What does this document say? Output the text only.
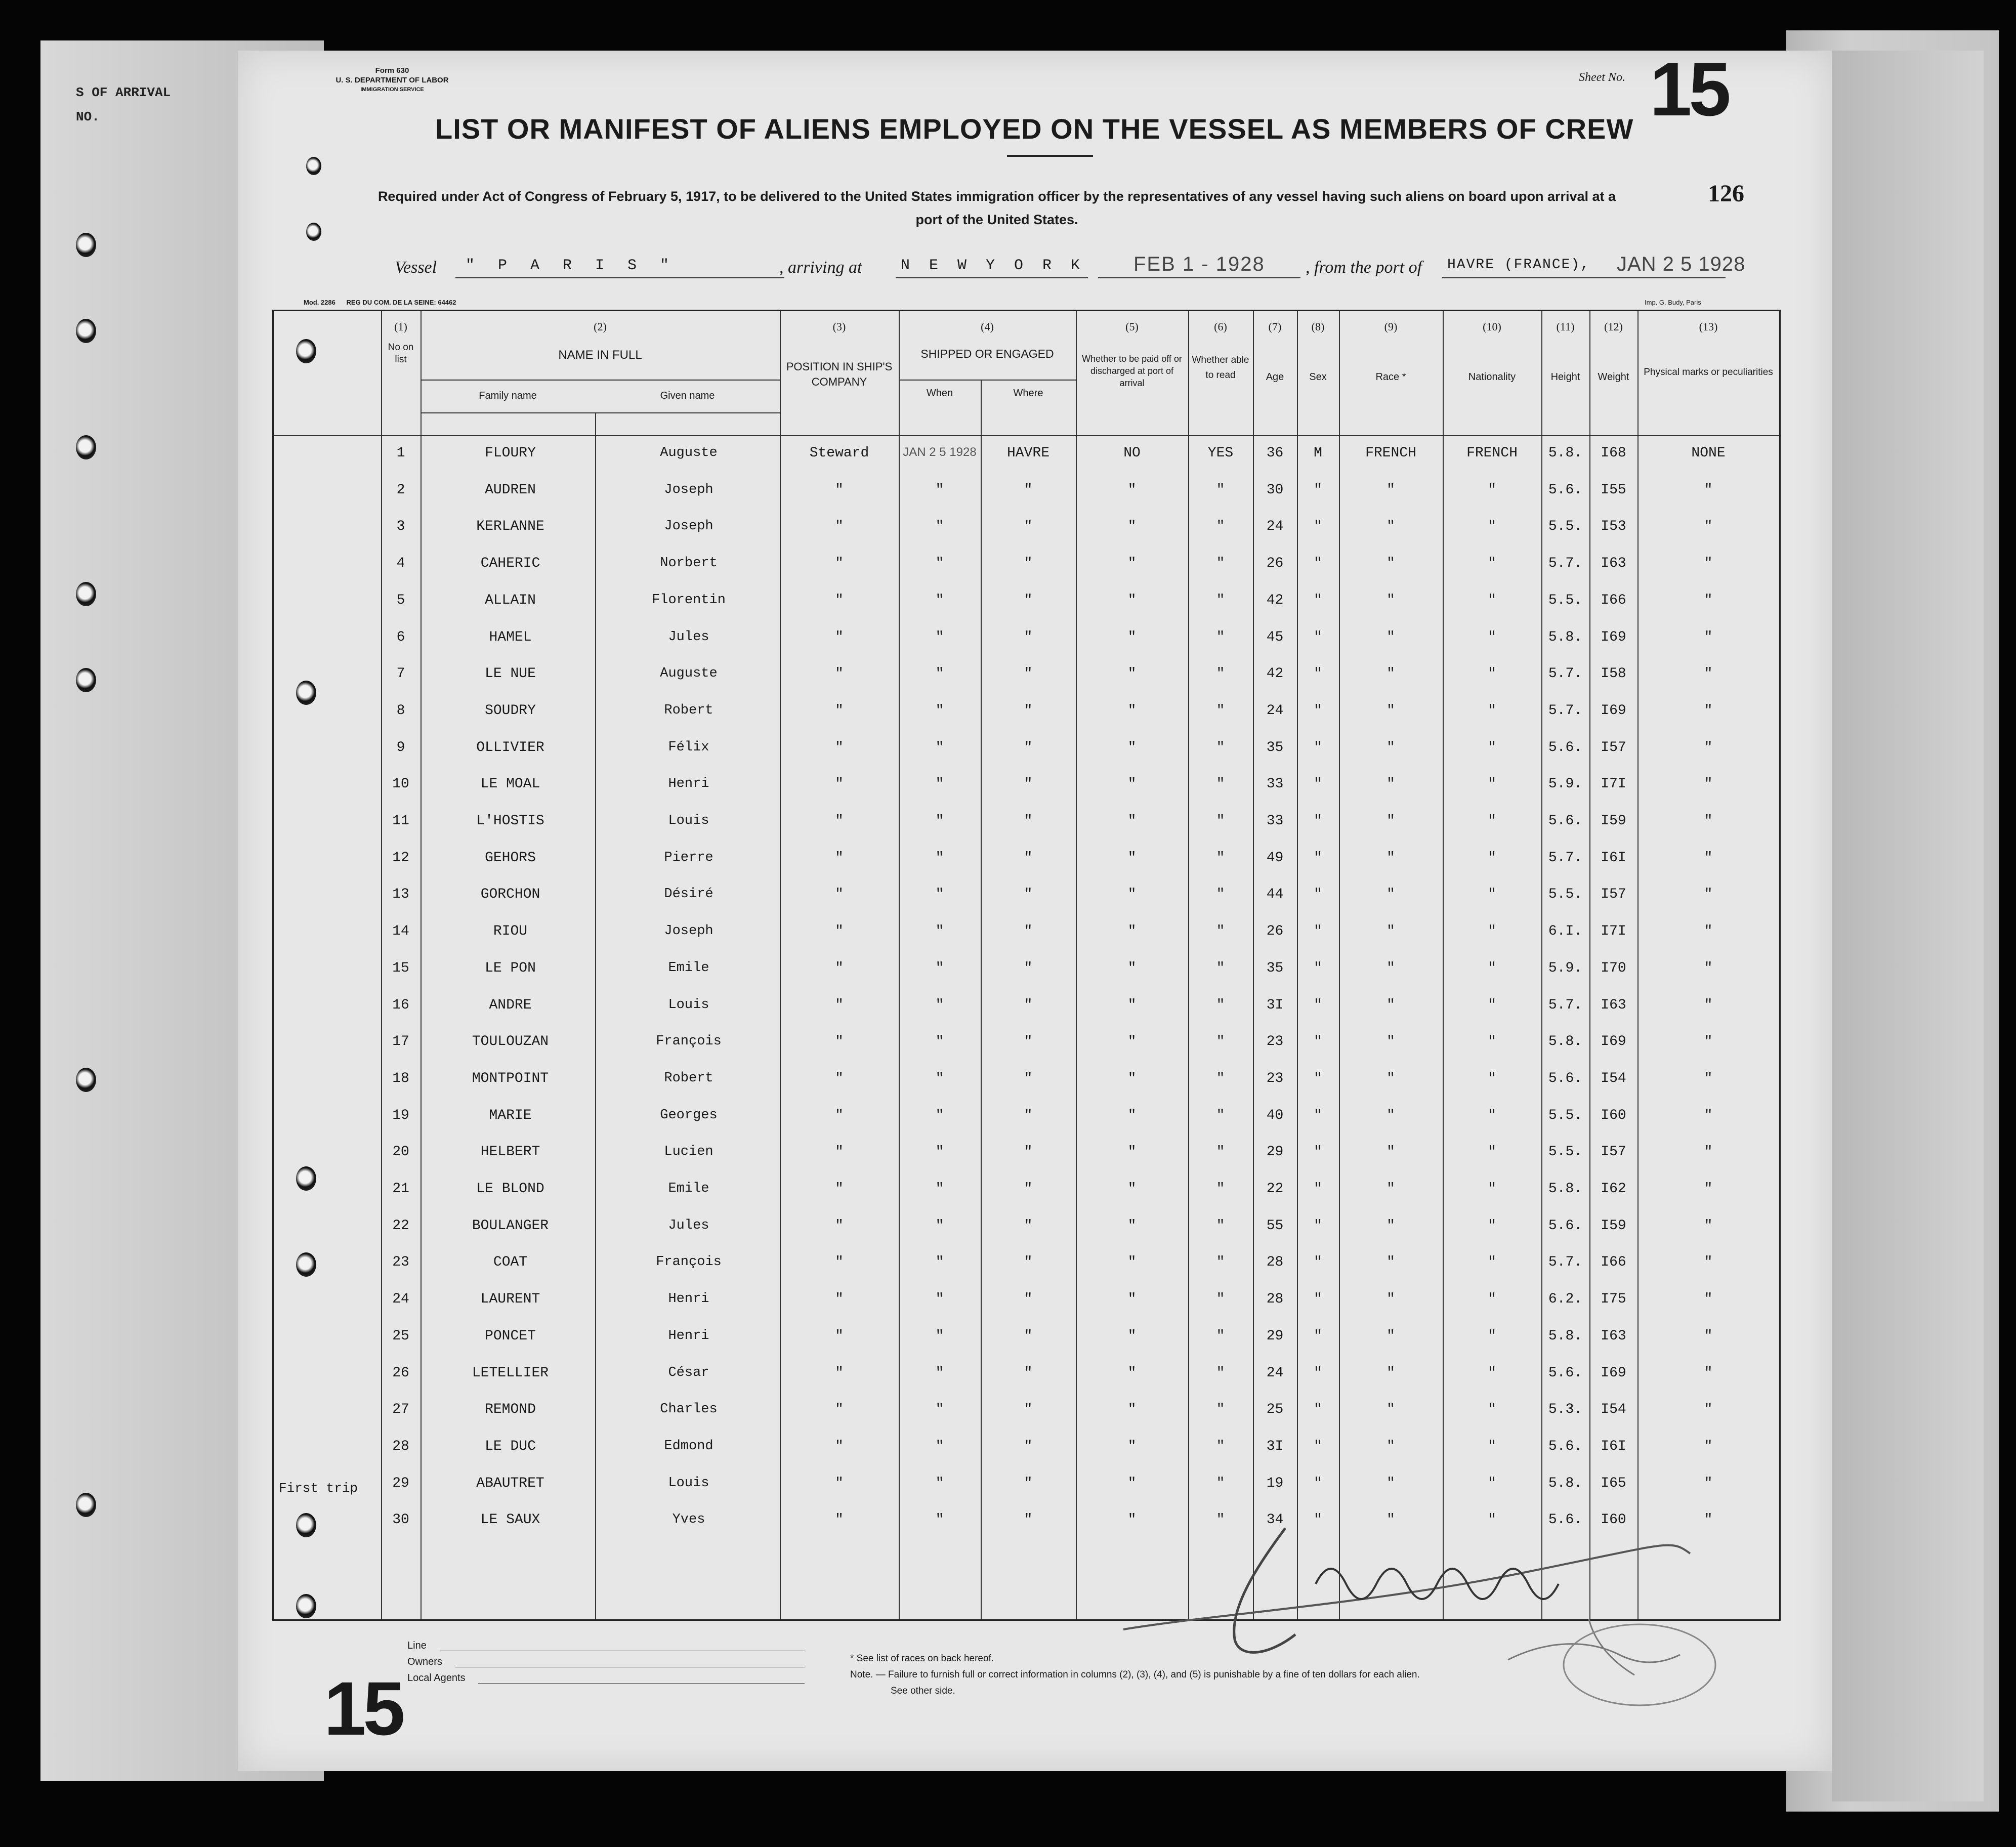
S OF ARRIVAL
NO.
Form 630
U. S. DEPARTMENT OF LABOR
IMMIGRATION SERVICE
Sheet No. 15
LIST OR MANIFEST OF ALIENS EMPLOYED ON THE VESSEL AS MEMBERS OF CREW
Required under Act of Congress of February 5, 1917, to be delivered to the United States immigration officer by the representatives of any vessel having such aliens on board upon arrival at a port of the United States.
126
Vessel " P A R I S "	, arriving at	N E W Y O R K FEB 1 - 1928 , from the port of HAVRE (FRANCE), JAN 2 5 1928
Mod. 2286 REG DU COM. DE LA SEINE: 64462	Imp. G. Budy, Paris
(1)
No on list
(2)
NAME IN FULL
Family name	Given name
(3)
POSITION IN SHIP'S COMPANY
(4)
SHIPPED OR ENGAGED
When	Where
(5)
Whether to be paid off or discharged at port of arrival
(6)
Whether able to read
(7)
Age
(8)
Sex
(9)
Race *
(10)
Nationality
(11)
Height
(12)
Weight
(13)
Physical marks or peculiarities
1	FLOURY	Auguste	Steward	JAN 2 5 1928	HAVRE	NO	YES	36	M	FRENCH	FRENCH	5.8.	I68	NONE
2	AUDREN	Joseph	"	"	"	"	"	30	"	"	"	5.6.	I55	"
3	KERLANNE	Joseph	"	"	"	"	"	24	"	"	"	5.5.	I53	"
4	CAHERIC	Norbert	"	"	"	"	"	26	"	"	"	5.7.	I63	"
5	ALLAIN	Florentin	"	"	"	"	"	42	"	"	"	5.5.	I66	"
6	HAMEL	Jules	"	"	"	"	"	45	"	"	"	5.8.	I69	"
7	LE NUE	Auguste	"	"	"	"	"	42	"	"	"	5.7.	I58	"
8	SOUDRY	Robert	"	"	"	"	"	24	"	"	"	5.7.	I69	"
9	OLLIVIER	Félix	"	"	"	"	"	35	"	"	"	5.6.	I57	"
10	LE MOAL	Henri	"	"	"	"	"	33	"	"	"	5.9.	I7I	"
11	L'HOSTIS	Louis	"	"	"	"	"	33	"	"	"	5.6.	I59	"
12	GEHORS	Pierre	"	"	"	"	"	49	"	"	"	5.7.	I6I	"
13	GORCHON	Désiré	"	"	"	"	"	44	"	"	"	5.5.	I57	"
14	RIOU	Joseph	"	"	"	"	"	26	"	"	"	6.I.	I7I	"
15	LE PON	Emile	"	"	"	"	"	35	"	"	"	5.9.	I70	"
16	ANDRE	Louis	"	"	"	"	"	3I	"	"	"	5.7.	I63	"
17	TOULOUZAN	François	"	"	"	"	"	23	"	"	"	5.8.	I69	"
18	MONTPOINT	Robert	"	"	"	"	"	23	"	"	"	5.6.	I54	"
19	MARIE	Georges	"	"	"	"	"	40	"	"	"	5.5.	I60	"
20	HELBERT	Lucien	"	"	"	"	"	29	"	"	"	5.5.	I57	"
21	LE BLOND	Emile	"	"	"	"	"	22	"	"	"	5.8.	I62	"
22	BOULANGER	Jules	"	"	"	"	"	55	"	"	"	5.6.	I59	"
23	COAT	François	"	"	"	"	"	28	"	"	"	5.7.	I66	"
24	LAURENT	Henri	"	"	"	"	"	28	"	"	"	6.2.	I75	"
25	PONCET	Henri	"	"	"	"	"	29	"	"	"	5.8.	I63	"
26	LETELLIER	César	"	"	"	"	"	24	"	"	"	5.6.	I69	"
27	REMOND	Charles	"	"	"	"	"	25	"	"	"	5.3.	I54	"
28	LE DUC	Edmond	"	"	"	"	"	3I	"	"	"	5.6.	I6I	"
29	ABAUTRET	Louis	"	"	"	"	"	19	"	"	"	5.8.	I65	"
First trip
30	LE SAUX	Yves	"	"	"	"	"	34	"	"	"	5.6.	I60	"
Line
Owners
Local Agents
* See list of races on back hereof.
Note. — Failure to furnish full or correct information in columns (2), (3), (4), and (5) is punishable by a fine of ten dollars for each alien.
See other side.
15
